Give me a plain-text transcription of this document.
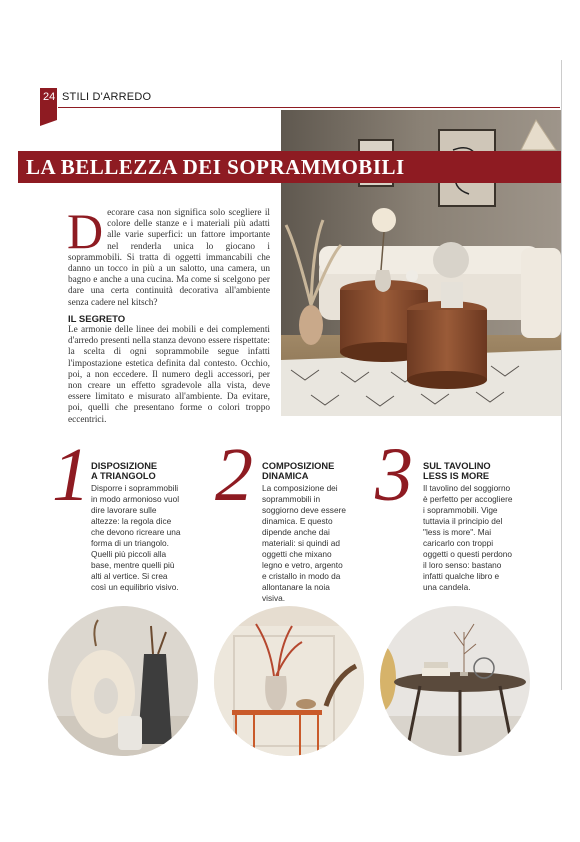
24 STILI D'ARREDO
LA BELLEZZA DEI SOPRAMMOBILI
Decorare casa non significa solo scegliere il colore delle stanze e i materiali più adatti alle varie superfici: un fattore importante nel renderla unica lo giocano i soprammobili. Si tratta di oggetti immancabili che danno un tocco in più a un salotto, una camera, un bagno e anche a una cucina. Ma come si scelgono per dare una certa continuità decorativa all'ambiente senza cadere nel kitsch?
IL SEGRETO
Le armonie delle linee dei mobili e dei complementi d'arredo presenti nella stanza devono essere rispettate: la scelta di ogni soprammobile segue infatti l'impostazione estetica definita dal contesto. Occhio, poi, a non eccedere. Il numero degli accessori, per non creare un effetto sgradevole alla vista, deve essere limitato e misurato all'ambiente. Da evitare, poi, quelli che presentano forme o colori troppo eccentrici.
1 DISPOSIZIONE
A TRIANGOLO
Disporre i soprammobili in modo armonioso vuol dire lavorare sulle altezze: la regola dice che devono ricreare una forma di un triangolo. Quelli più piccoli alla base, mentre quelli più alti al vertice. Si crea così un equilibrio visivo.
2 COMPOSIZIONE
DINAMICA
La composizione dei soprammobili in soggiorno deve essere dinamica. E questo dipende anche dai materiali: si quindi ad oggetti che mixano legno e vetro, argento e cristallo in modo da allontanare la noia visiva.
3 SUL TAVOLINO
LESS IS MORE
Il tavolino del soggiorno è perfetto per accogliere i soprammobili. Vige tuttavia il principio del "less is more". Mai caricarlo con troppi oggetti o questi perdono il loro senso: bastano infatti qualche libro e una candela.
